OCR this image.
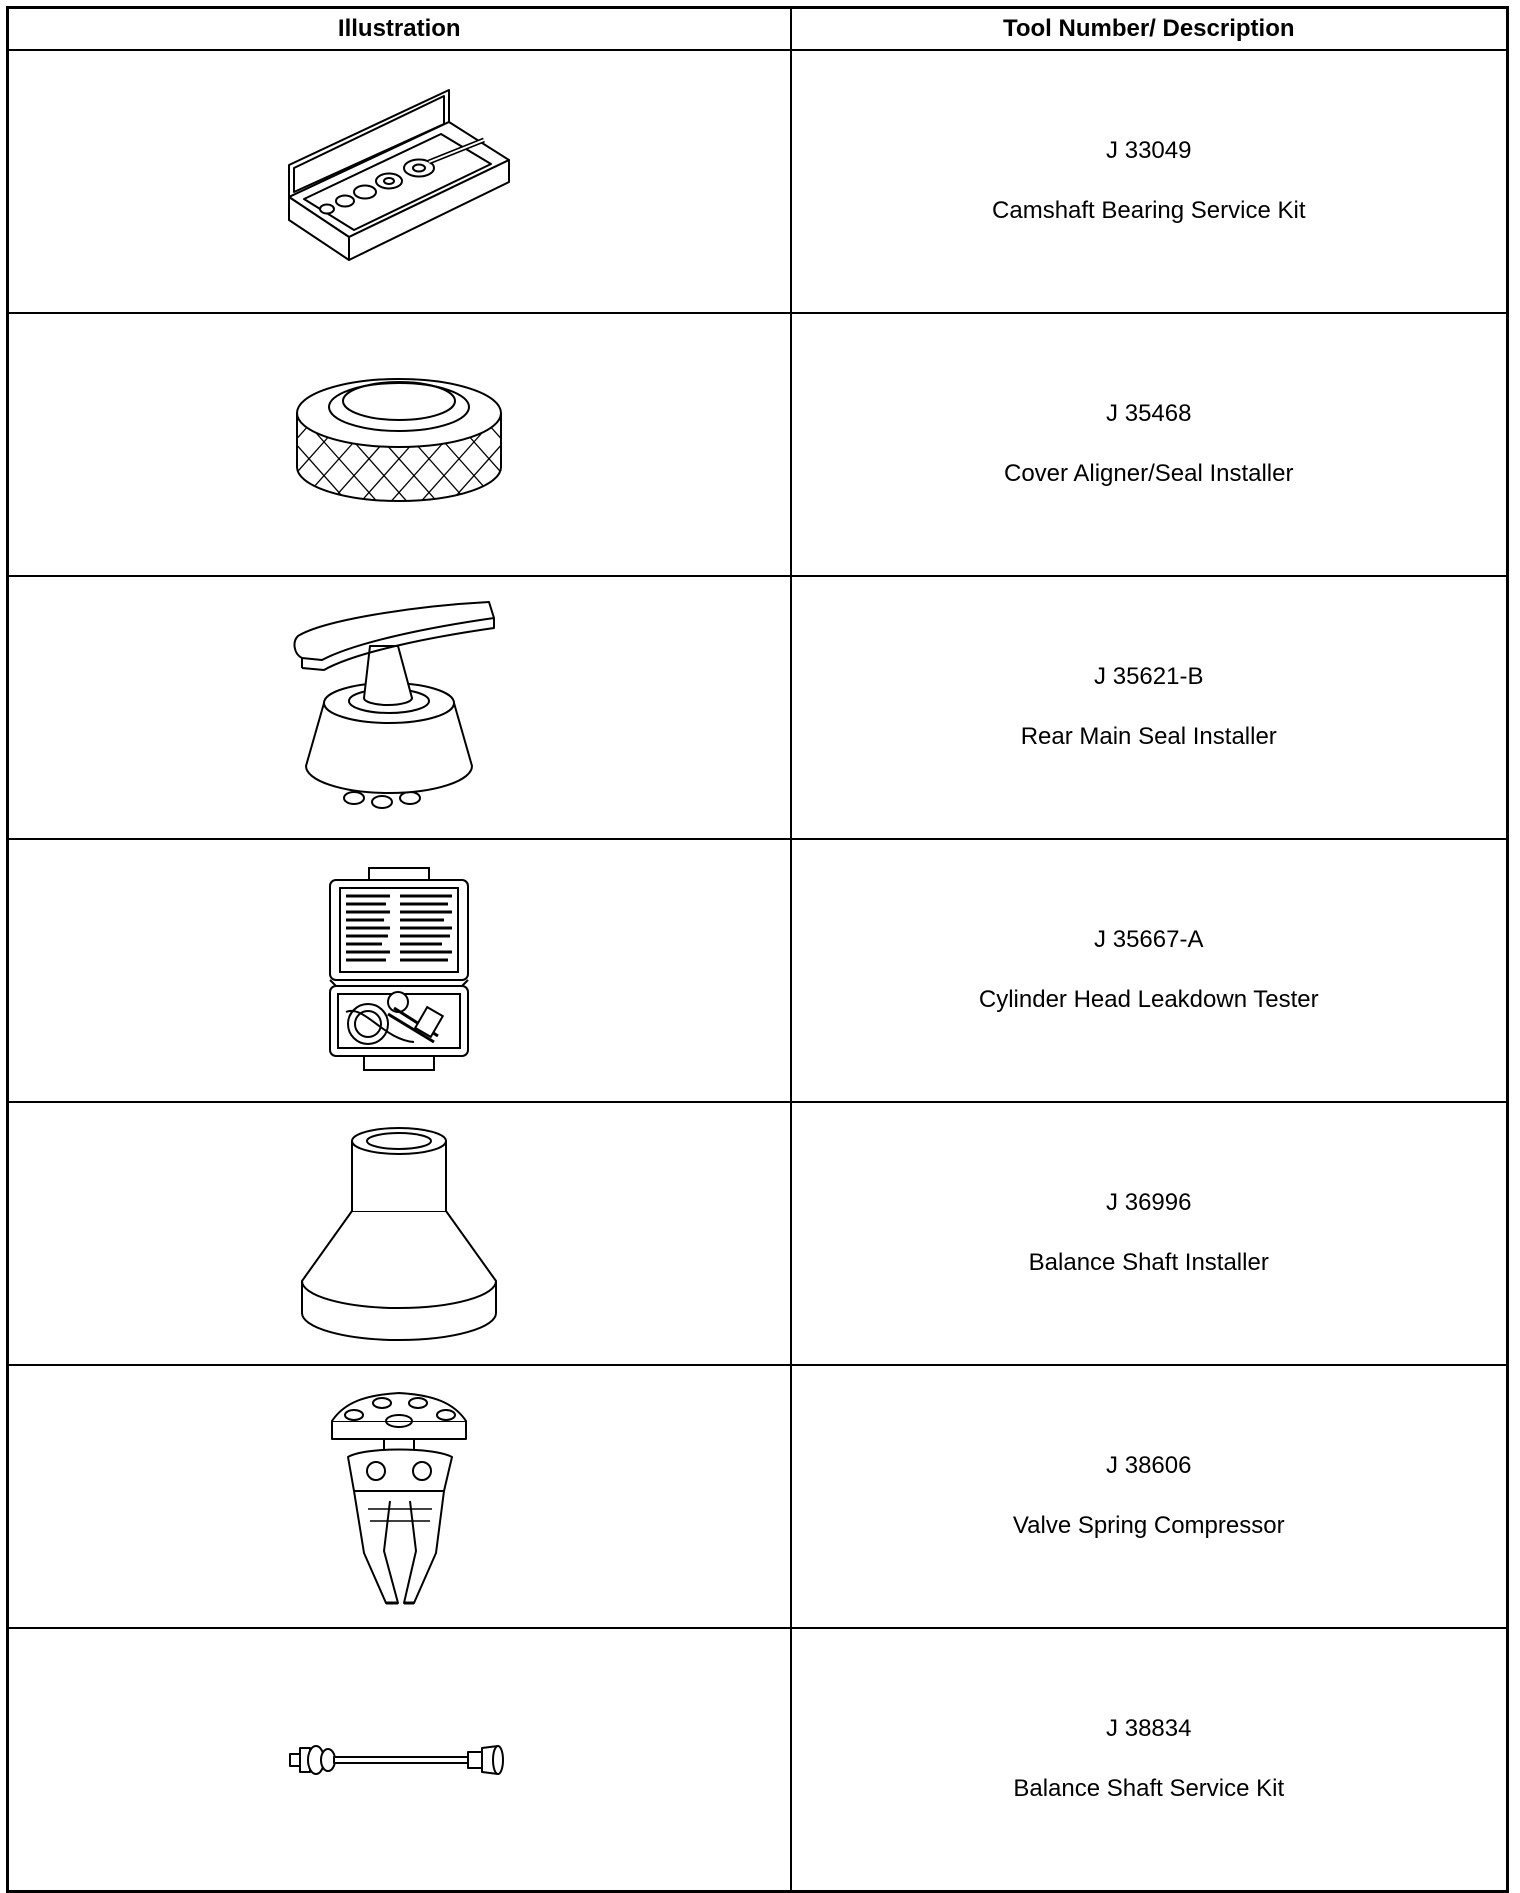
Illustration	Tool Number/ Description

J 33049
Camshaft Bearing Service Kit

J 35468
Cover Aligner/Seal Installer

J 35621-B
Rear Main Seal Installer

J 35667-A
Cylinder Head Leakdown Tester

J 36996
Balance Shaft Installer

J 38606
Valve Spring Compressor

J 38834
Balance Shaft Service Kit
